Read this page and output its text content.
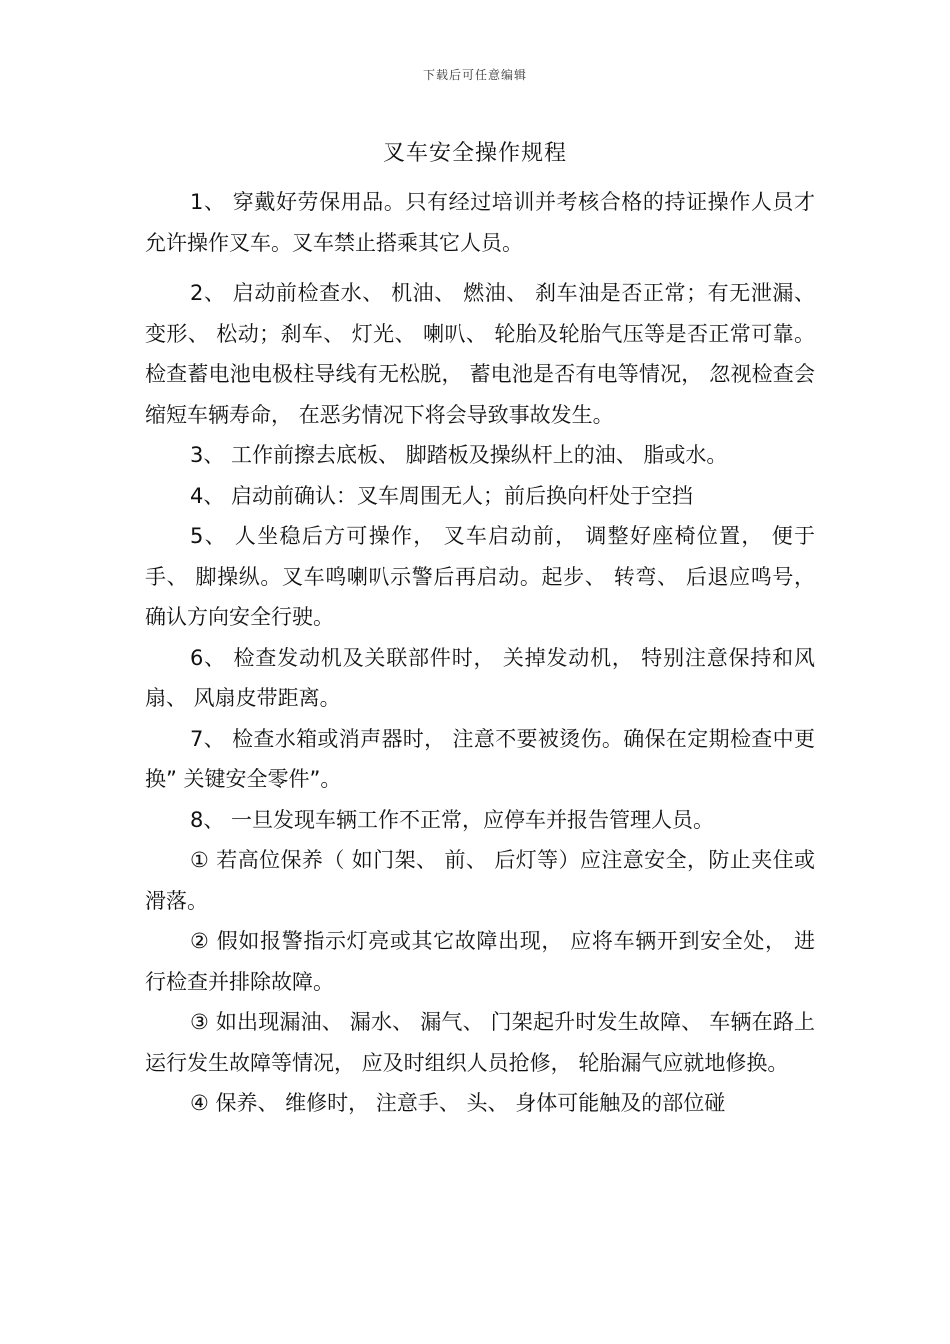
下载后可任意编辑
叉车安全操作规程

1、 穿戴好劳保用品。只有经过培训并考核合格的持证操作人员才允许操作叉车。叉车禁止搭乘其它人员。

2、 启动前检查水、 机油、 燃油、 刹车油是否正常；有无泄漏、 变形、 松动；刹车、 灯光、 喇叭、 轮胎及轮胎气压等是否正常可靠。检查蓄电池电极柱导线有无松脱， 蓄电池是否有电等情况， 忽视检查会缩短车辆寿命， 在恶劣情况下将会导致事故发生。

3、 工作前擦去底板、 脚踏板及操纵杆上的油、 脂或水。

4、 启动前确认：叉车周围无人；前后换向杆处于空挡

5、 人坐稳后方可操作， 叉车启动前， 调整好座椅位置， 便于手、 脚操纵。叉车鸣喇叭示警后再启动。起步、 转弯、 后退应鸣号，确认方向安全行驶。

6、 检查发动机及关联部件时， 关掉发动机， 特别注意保持和风扇、 风扇皮带距离。

7、 检查水箱或消声器时， 注意不要被烫伤。确保在定期检查中更换” 关键安全零件”。

8、 一旦发现车辆工作不正常，应停车并报告管理人员。

① 若高位保养（ 如门架、 前、 后灯等）应注意安全，防止夹住或滑落。

② 假如报警指示灯亮或其它故障出现， 应将车辆开到安全处， 进行检查并排除故障。

③ 如出现漏油、 漏水、 漏气、 门架起升时发生故障、 车辆在路上运行发生故障等情况， 应及时组织人员抢修， 轮胎漏气应就地修换。

④ 保养、 维修时， 注意手、 头、 身体可能触及的部位碰
